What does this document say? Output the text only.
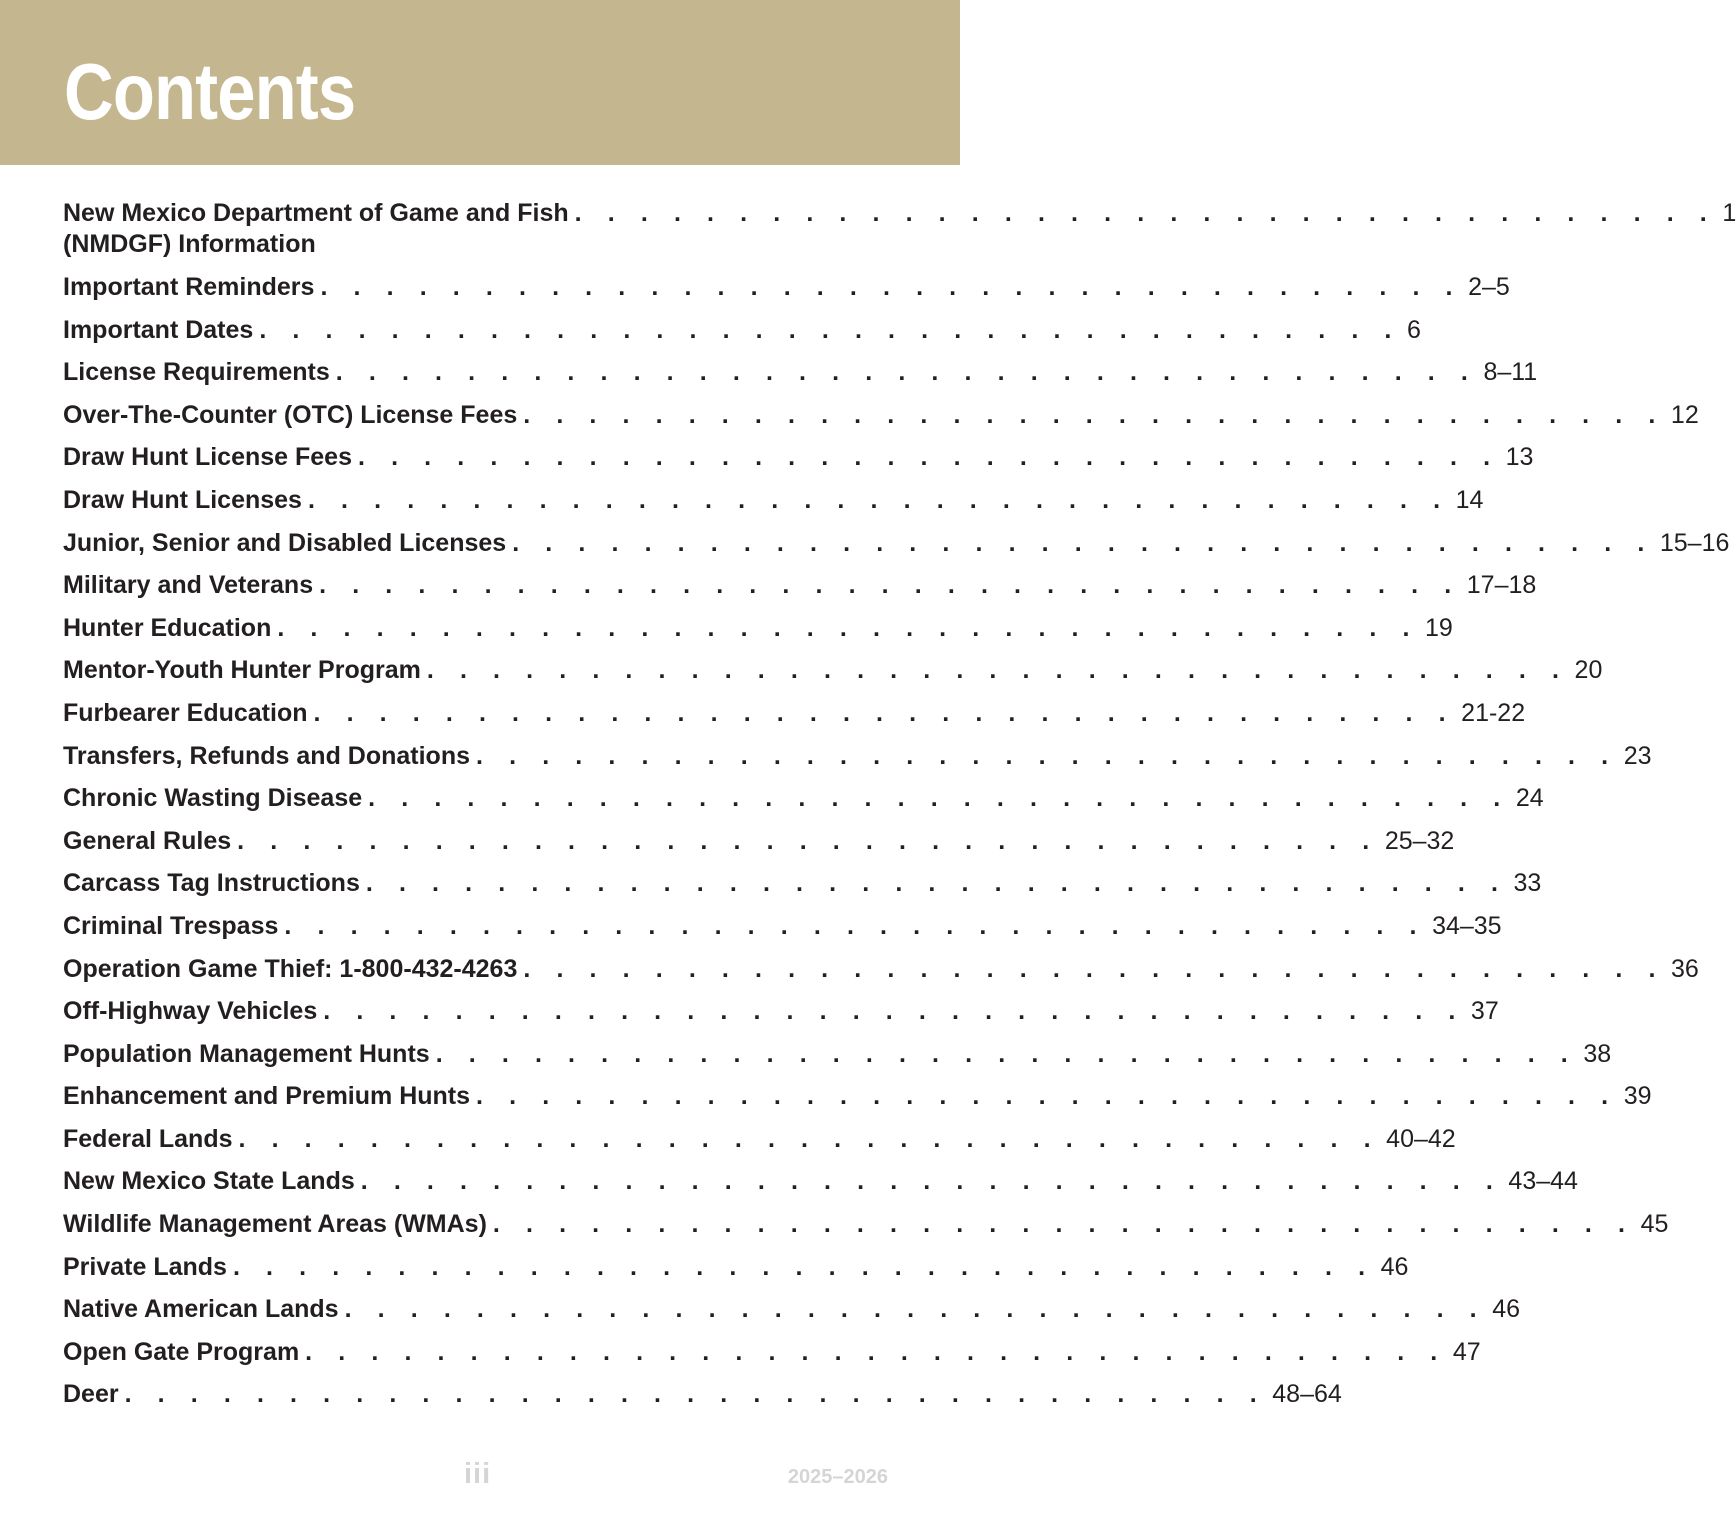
Contents
New Mexico Department of Game and Fish
(NMDGF) Information
. . . . . . . . . . . . . . . . . . . . . . . . . . . . . . . . . . . 1
Important Reminders . . . . . . . . . . . . . . . . . . . . . . . . . . . . . . . . . . . 2–5
Important Dates . . . . . . . . . . . . . . . . . . . . . . . . . . . . . . . . . . . 6
License Requirements . . . . . . . . . . . . . . . . . . . . . . . . . . . . . . . . . . . 8–11
Over-The-Counter (OTC) License Fees . . . . . . . . . . . . . . . . . . . . . . . . . . . . . . . . . . . 12
Draw Hunt License Fees . . . . . . . . . . . . . . . . . . . . . . . . . . . . . . . . . . . 13
Draw Hunt Licenses . . . . . . . . . . . . . . . . . . . . . . . . . . . . . . . . . . . 14
Junior, Senior and Disabled Licenses . . . . . . . . . . . . . . . . . . . . . . . . . . . . . . . . . . . 15–16
Military and Veterans . . . . . . . . . . . . . . . . . . . . . . . . . . . . . . . . . . . 17–18
Hunter Education . . . . . . . . . . . . . . . . . . . . . . . . . . . . . . . . . . . 19
Mentor-Youth Hunter Program . . . . . . . . . . . . . . . . . . . . . . . . . . . . . . . . . . . 20
Furbearer Education . . . . . . . . . . . . . . . . . . . . . . . . . . . . . . . . . . . 21-22
Transfers, Refunds and Donations . . . . . . . . . . . . . . . . . . . . . . . . . . . . . . . . . . . 23
Chronic Wasting Disease . . . . . . . . . . . . . . . . . . . . . . . . . . . . . . . . . . . 24
General Rules . . . . . . . . . . . . . . . . . . . . . . . . . . . . . . . . . . . 25–32
Carcass Tag Instructions . . . . . . . . . . . . . . . . . . . . . . . . . . . . . . . . . . . 33
Criminal Trespass . . . . . . . . . . . . . . . . . . . . . . . . . . . . . . . . . . . 34–35
Operation Game Thief: 1-800-432-4263 . . . . . . . . . . . . . . . . . . . . . . . . . . . . . . . . . . . 36
Off-Highway Vehicles . . . . . . . . . . . . . . . . . . . . . . . . . . . . . . . . . . . 37
Population Management Hunts . . . . . . . . . . . . . . . . . . . . . . . . . . . . . . . . . . . 38
Enhancement and Premium Hunts . . . . . . . . . . . . . . . . . . . . . . . . . . . . . . . . . . . 39
Federal Lands . . . . . . . . . . . . . . . . . . . . . . . . . . . . . . . . . . . 40–42
New Mexico State Lands . . . . . . . . . . . . . . . . . . . . . . . . . . . . . . . . . . . 43–44
Wildlife Management Areas (WMAs) . . . . . . . . . . . . . . . . . . . . . . . . . . . . . . . . . . . 45
Private Lands . . . . . . . . . . . . . . . . . . . . . . . . . . . . . . . . . . . 46
Native American Lands . . . . . . . . . . . . . . . . . . . . . . . . . . . . . . . . . . . 46
Open Gate Program . . . . . . . . . . . . . . . . . . . . . . . . . . . . . . . . . . . 47
Deer . . . . . . . . . . . . . . . . . . . . . . . . . . . . . . . . . . . 48–64
iii	2025–2026
